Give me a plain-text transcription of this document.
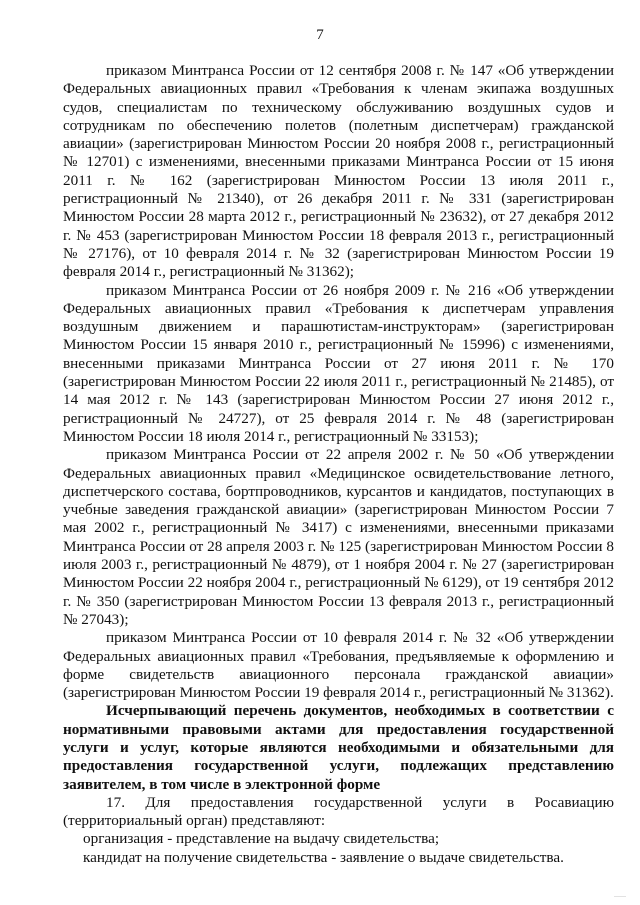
7

приказом Минтранса России от 12 сентября 2008 г. № 147 «Об утверждении Федеральных авиационных правил «Требования к членам экипажа воздушных судов, специалистам по техническому обслуживанию воздушных судов и сотрудникам по обеспечению полетов (полетным диспетчерам) гражданской авиации» (зарегистрирован Минюстом России 20 ноября 2008 г., регистрационный № 12701) с изменениями, внесенными приказами Минтранса России от 15 июня 2011 г. № 162 (зарегистрирован Минюстом России 13 июля 2011 г., регистрационный № 21340), от 26 декабря 2011 г. № 331 (зарегистрирован Минюстом России 28 марта 2012 г., регистрационный № 23632), от 27 декабря 2012 г. № 453 (зарегистрирован Минюстом России 18 февраля 2013 г., регистрационный № 27176), от 10 февраля 2014 г. № 32 (зарегистрирован Минюстом России 19 февраля 2014 г., регистрационный № 31362);

приказом Минтранса России от 26 ноября 2009 г. № 216 «Об утверждении Федеральных авиационных правил «Требования к диспетчерам управления воздушным движением и парашютистам-инструкторам» (зарегистрирован Минюстом России 15 января 2010 г., регистрационный № 15996) с изменениями, внесенными приказами Минтранса России от 27 июня 2011 г. № 170 (зарегистрирован Минюстом России 22 июля 2011 г., регистрационный № 21485), от 14 мая 2012 г. № 143 (зарегистрирован Минюстом России 27 июня 2012 г., регистрационный № 24727), от 25 февраля 2014 г. № 48 (зарегистрирован Минюстом России 18 июля 2014 г., регистрационный № 33153);

приказом Минтранса России от 22 апреля 2002 г. № 50 «Об утверждении Федеральных авиационных правил «Медицинское освидетельствование летного, диспетчерского состава, бортпроводников, курсантов и кандидатов, поступающих в учебные заведения гражданской авиации» (зарегистрирован Минюстом России 7 мая 2002 г., регистрационный № 3417) с изменениями, внесенными приказами Минтранса России от 28 апреля 2003 г. № 125 (зарегистрирован Минюстом России 8 июля 2003 г., регистрационный № 4879), от 1 ноября 2004 г. № 27 (зарегистрирован Минюстом России 22 ноября 2004 г., регистрационный № 6129), от 19 сентября 2012 г. № 350 (зарегистрирован Минюстом России 13 февраля 2013 г., регистрационный № 27043);

приказом Минтранса России от 10 февраля 2014 г. № 32 «Об утверждении Федеральных авиационных правил «Требования, предъявляемые к оформлению и форме свидетельств авиационного персонала гражданской авиации» (зарегистрирован Минюстом России 19 февраля 2014 г., регистрационный № 31362).

Исчерпывающий перечень документов, необходимых в соответствии с нормативными правовыми актами для предоставления государственной услуги и услуг, которые являются необходимыми и обязательными для предоставления государственной услуги, подлежащих представлению заявителем, в том числе в электронной форме

17. Для предоставления государственной услуги в Росавиацию (территориальный орган) представляют:

организация - представление на выдачу свидетельства;

кандидат на получение свидетельства - заявление о выдаче свидетельства.
